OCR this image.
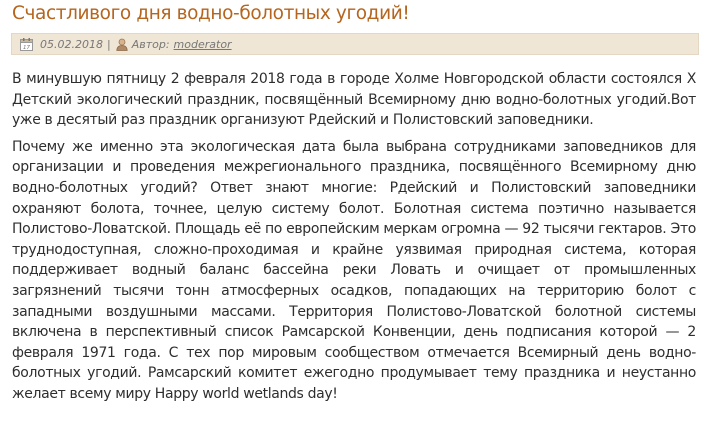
Счастливого дня водно-болотных угодий!
17 05.02.2018 | Автор: moderator

В минувшую пятницу 2 февраля 2018 года в городе Холме Новгородской области состоялся X Детский экологический праздник, посвящённый Всемирному дню водно-болотных угодий.Вот уже в десятый раз праздник организуют Рдейский и Полистовский заповедники.

Почему же именно эта экологическая дата была выбрана сотрудниками заповедников для организации и проведения межрегионального праздника, посвящённого Всемирному дню водно-болотных угодий? Ответ знают многие: Рдейский и Полистовский заповедники охраняют болота, точнее, целую систему болот. Болотная система поэтично называется Полистово-Ловатской. Площадь её по европейским меркам огромна — 92 тысячи гектаров. Это труднодоступная, сложно-проходимая и крайне уязвимая природная система, которая поддерживает водный баланс бассейна реки Ловать и очищает от промышленных загрязнений тысячи тонн атмосферных осадков, попадающих на территорию болот с западными воздушными массами. Территория Полистово-Ловатской болотной системы включена в перспективный список Рамсарской Конвенции, день подписания которой — 2 февраля 1971 года. С тех пор мировым сообществом отмечается Всемирный день водно-болотных угодий. Рамсарский комитет ежегодно продумывает тему праздника и неустанно желает всему миру Happy world wetlands day!
